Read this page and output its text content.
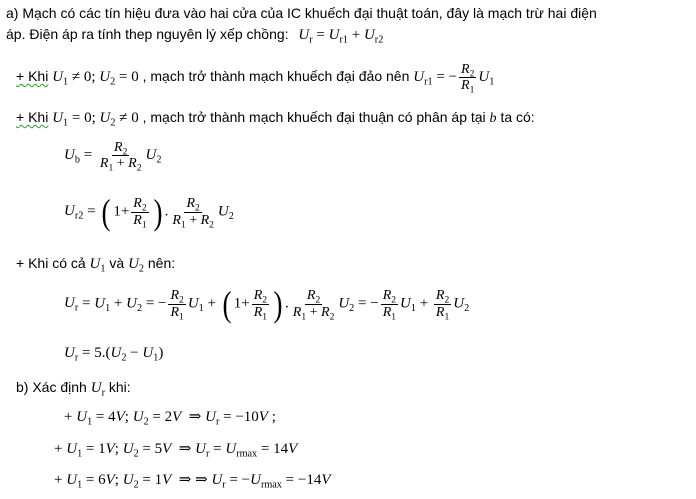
a) Mạch có các tín hiệu đưa vào hai cửa của IC khuếch đại thuật toán, đây là mạch trừ hai điện
áp. Điện áp ra tính thep nguyên lý xếp chồng: $U_r = U_{r1} + U_{r2}$
+ Khi $U_1 \ne 0$; $U_2 = 0$ , mạch trở thành mạch khuếch đại đảo nên $U_{r1}$ = − $\frac{R_2}{R_1} U_1$
+ Khi $U_1 = 0$; $U_2 \ne 0$ , mạch trở thành mạch khuếch đại thuận có phân áp tại b ta có:
$U_b = \frac{R_2}{R_1 + R_2} U_2$
$U_{r2}$ = ( $1+ \frac{R_2}{R_1}$ ) . $\frac{R_2}{R_1 + R_2} U_2$
+ Khi có cả $U_1$ và $U_2$ nên:
$U_r = U_1 + U_2$ = − $\frac{R_2}{R_1} U_1$ + ( $1+ \frac{R_2}{R_1}$ ) . $\frac{R_2}{R_1 + R_2} U_2$ = − $\frac{R_2}{R_1} U_1 + \frac{R_2}{R_1} U_2$
$U_r = 5.(U_2 - U_1)$
b) Xác định $U_r$ khi:
+ $U_1 = 4V$; $U_2 = 2V$  ⇒ $U_r = -10V$ ;
+ $U_1 = 1V$; $U_2 = 5V$  ⇒ $U_r = U_{rmax} = 14V$
+ $U_1 = 6V$; $U_2 = 1V$  ⇒ ⇒ $U_r = -U_{rmax} = -14V$
